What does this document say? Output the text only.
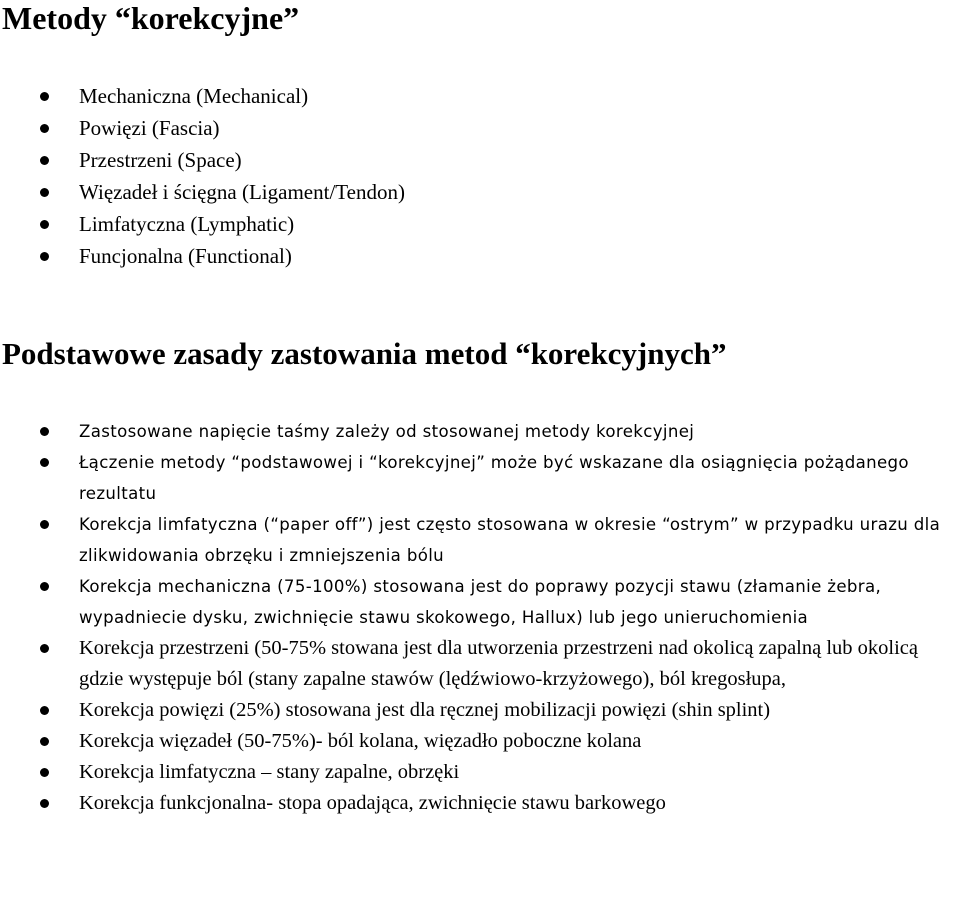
Metody “korekcyjne”
Mechaniczna (Mechanical)
Powięzi (Fascia)
Przestrzeni (Space)
Więzadeł i ścięgna (Ligament/Tendon)
Limfatyczna (Lymphatic)
Funcjonalna (Functional)
Podstawowe zasady zastowania metod “korekcyjnych”
Zastosowane napięcie taśmy zależy od stosowanej metody korekcyjnej
Łączenie metody “podstawowej i “korekcyjnej” może być wskazane dla osiągnięcia pożądanego rezultatu
Korekcja limfatyczna (“paper off”) jest często stosowana w okresie “ostrym” w przypadku urazu dla zlikwidowania obrzęku i zmniejszenia bólu
Korekcja mechaniczna (75-100%) stosowana jest do poprawy pozycji stawu (złamanie żebra, wypadniecie dysku, zwichnięcie stawu skokowego, Hallux) lub jego unieruchomienia
Korekcja przestrzeni (50-75% stowana jest dla utworzenia przestrzeni nad okolicą zapalną lub okolicą gdzie występuje ból (stany zapalne stawów (lędźwiowo-krzyżowego), ból kregosłupa,
Korekcja powięzi (25%) stosowana jest dla ręcznej mobilizacji powięzi (shin splint)
Korekcja więzadeł (50-75%)- ból kolana, więzadło poboczne kolana
Korekcja limfatyczna – stany zapalne, obrzęki
Korekcja funkcjonalna- stopa opadająca, zwichnięcie stawu barkowego
